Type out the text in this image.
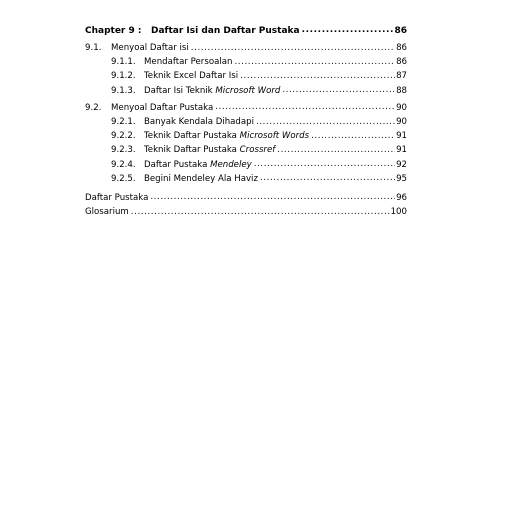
Chapter 9 :	Daftar Isi dan Daftar Pustaka .....	86
9.1.	Menyoal Daftar isi .....	86
9.1.1. Mendaftar Persoalan .....	86
9.1.2. Teknik Excel Daftar Isi .....	87
9.1.3. Daftar Isi Teknik Microsoft Word .....	88
9.2.	Menyoal Daftar Pustaka .....	90
9.2.1. Banyak Kendala Dihadapi .....	90
9.2.2. Teknik Daftar Pustaka Microsoft Words .....	91
9.2.3. Teknik Daftar Pustaka Crossref .....	91
9.2.4. Daftar Pustaka Mendeley .....	92
9.2.5. Begini Mendeley Ala Haviz .....	95
Daftar Pustaka .....	96
Glosarium .....	100
